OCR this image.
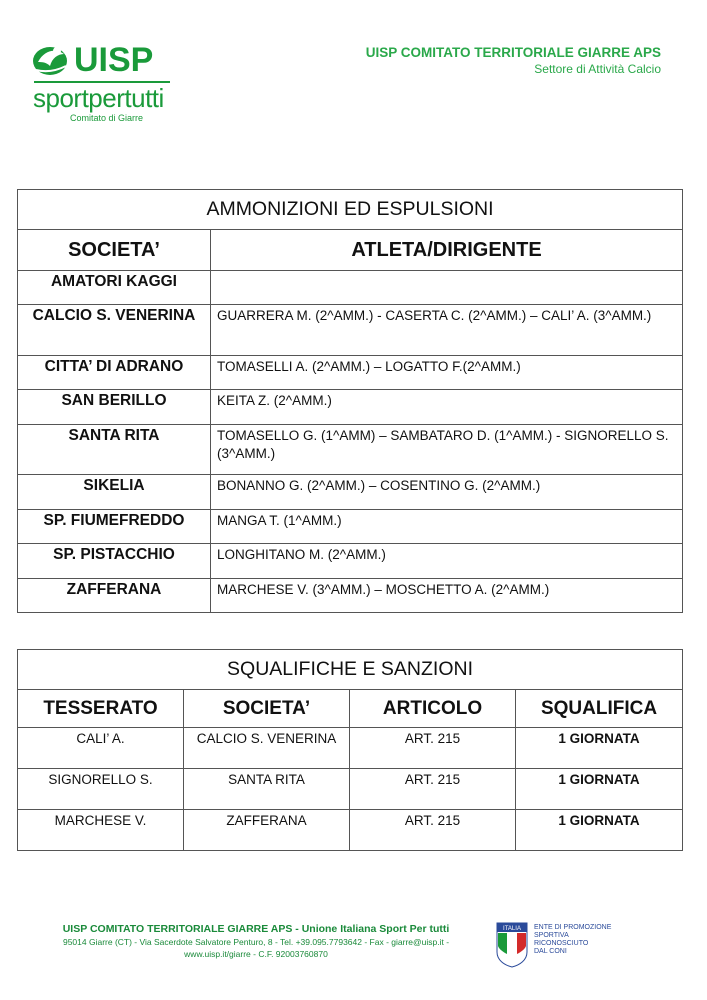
UISP
sportpertutti
Comitato di Giarre
UISP COMITATO TERRITORIALE GIARRE APS
Settore di Attività Calcio
AMMONIZIONI ED ESPULSIONI	
SOCIETA’	ATLETA/DIRIGENTE
AMATORI KAGGI	
CALCIO S. VENERINA	GUARRERA M. (2^AMM.) - CASERTA C. (2^AMM.) – CALI’ A. (3^AMM.)
CITTA’ DI ADRANO	TOMASELLI A. (2^AMM.) – LOGATTO F.(2^AMM.)
SAN BERILLO	KEITA Z. (2^AMM.)
SANTA RITA	TOMASELLO G. (1^AMM) – SAMBATARO D. (1^AMM.) - SIGNORELLO S. (3^AMM.)
SIKELIA	BONANNO G. (2^AMM.) – COSENTINO G. (2^AMM.)
SP. FIUMEFREDDO	MANGA T. (1^AMM.)
SP. PISTACCHIO	LONGHITANO M. (2^AMM.)
ZAFFERANA	MARCHESE V. (3^AMM.) – MOSCHETTO A. (2^AMM.)
SQUALIFICHE E SANZIONI			
TESSERATO	SOCIETA’	ARTICOLO	SQUALIFICA
CALI’ A.	CALCIO S. VENERINA	ART. 215	1 GIORNATA
SIGNORELLO S.	SANTA RITA	ART. 215	1 GIORNATA
MARCHESE V.	ZAFFERANA	ART. 215	1 GIORNATA
UISP COMITATO TERRITORIALE GIARRE APS - Unione Italiana Sport Per tutti
95014 Giarre (CT) - Via Sacerdote Salvatore Penturo, 8 - Tel. +39.095.7793642 - Fax - giarre@uisp.it - www.uisp.it/giarre - C.F. 92003760870
ITALIA ENTE DI PROMOZIONE
SPORTIVA
RICONOSCIUTO
DAL CONI
